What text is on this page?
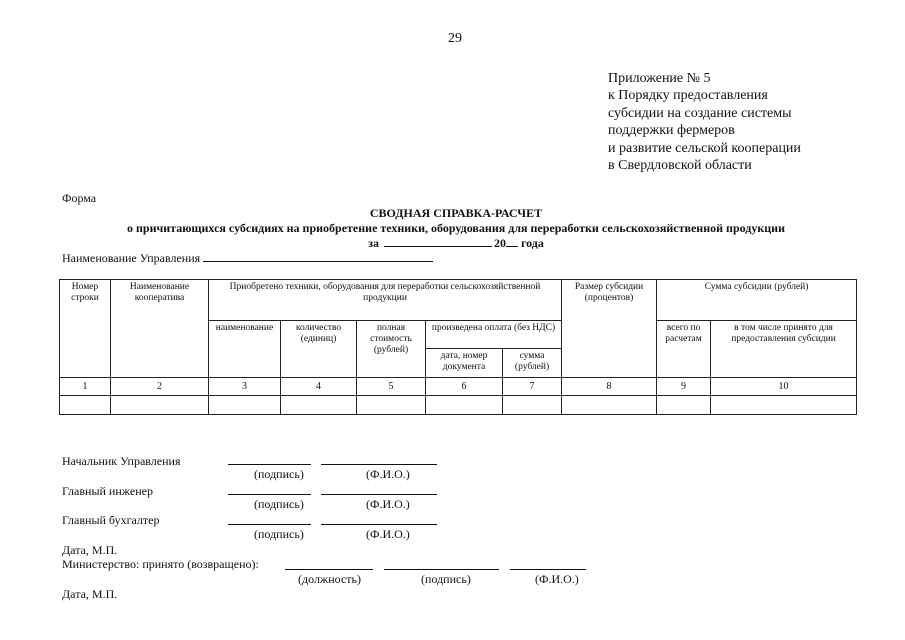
29
Приложение № 5
к Порядку предоставления
субсидии на создание системы
поддержки фермеров
и развитие сельской кооперации
в Свердловской области
Форма
СВОДНАЯ СПРАВКА-РАСЧЕТ
о причитающихся субсидиях на приобретение техники, оборудования для переработки сельскохозяйственной продукции
за	20 года
Наименование Управления
Номер строки	Наименование кооператива	Приобретено техники, оборудования для переработки сельскохозяйственной продукции					Размер субсидии (процентов)	Сумма субсидии (рублей)	
		наименование	количество (единиц)	полная стоимость (рублей)	произведена оплата (без НДС)			всего по расчетам	в том числе принято для предоставления субсидии
					дата, номер документа	сумма (рублей)			
1	2	3	4	5	6	7	8	9	10

Начальник Управления
(подпись)	(Ф.И.О.)
Главный инженер
(подпись)	(Ф.И.О.)
Главный бухгалтер
(подпись)	(Ф.И.О.)
Дата, М.П.
Министерство: принято (возвращено):
(должность)	(подпись)	(Ф.И.О.)
Дата, М.П.
